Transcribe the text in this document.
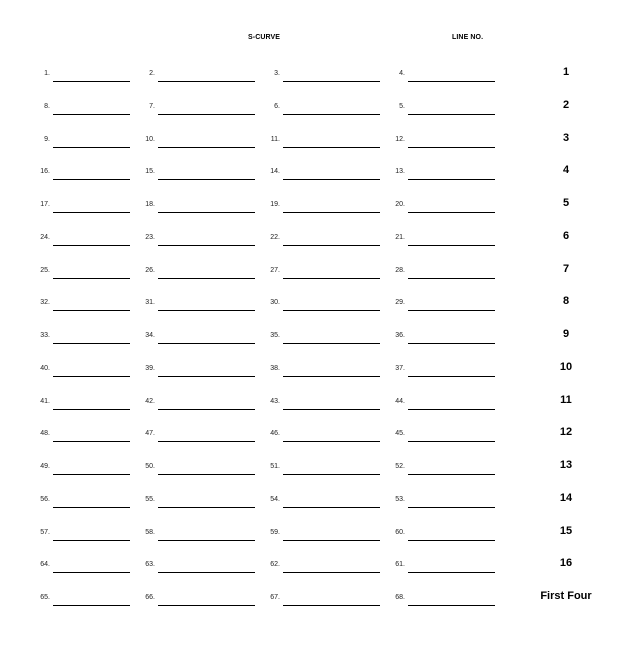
S-CURVE	LINE NO.
1.	2.	3.	4.	1
8.	7.	6.	5.	2
9.	10.	11.	12.	3
16.	15.	14.	13.	4
17.	18.	19.	20.	5
24.	23.	22.	21.	6
25.	26.	27.	28.	7
32.	31.	30.	29.	8
33.	34.	35.	36.	9
40.	39.	38.	37.	10
41.	42.	43.	44.	11
48.	47.	46.	45.	12
49.	50.	51.	52.	13
56.	55.	54.	53.	14
57.	58.	59.	60.	15
64.	63.	62.	61.	16
65.	66.	67.	68.	First Four
